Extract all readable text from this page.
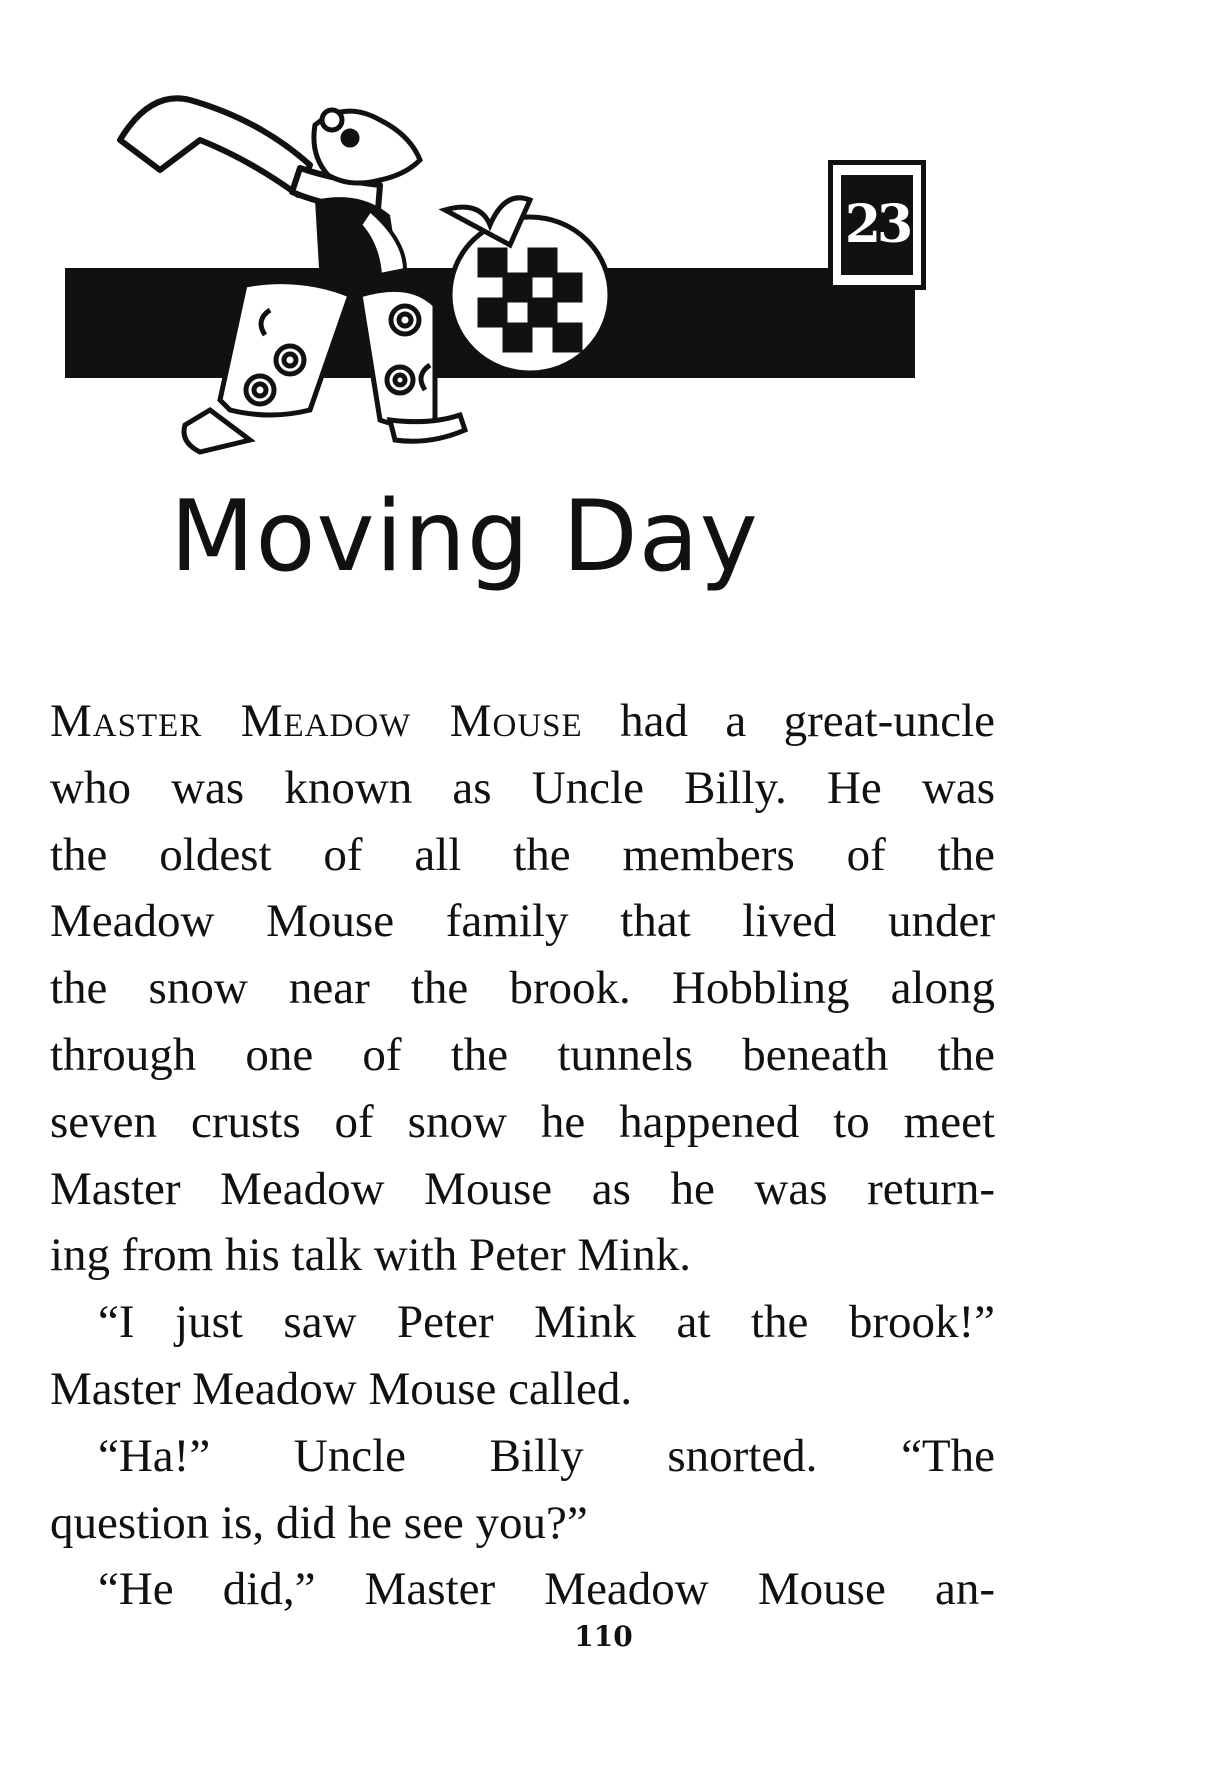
23
Moving Day
Master Meadow Mouse had a great-uncle
who was known as Uncle Billy. He was
the oldest of all the members of the
Meadow Mouse family that lived under
the snow near the brook. Hobbling along
through one of the tunnels beneath the
seven crusts of snow he happened to meet
Master Meadow Mouse as he was return-
ing from his talk with Peter Mink.
“I just saw Peter Mink at the brook!”
Master Meadow Mouse called.
“Ha!” Uncle Billy snorted. “The
question is, did he see you?”
“He did,” Master Meadow Mouse an-
110
